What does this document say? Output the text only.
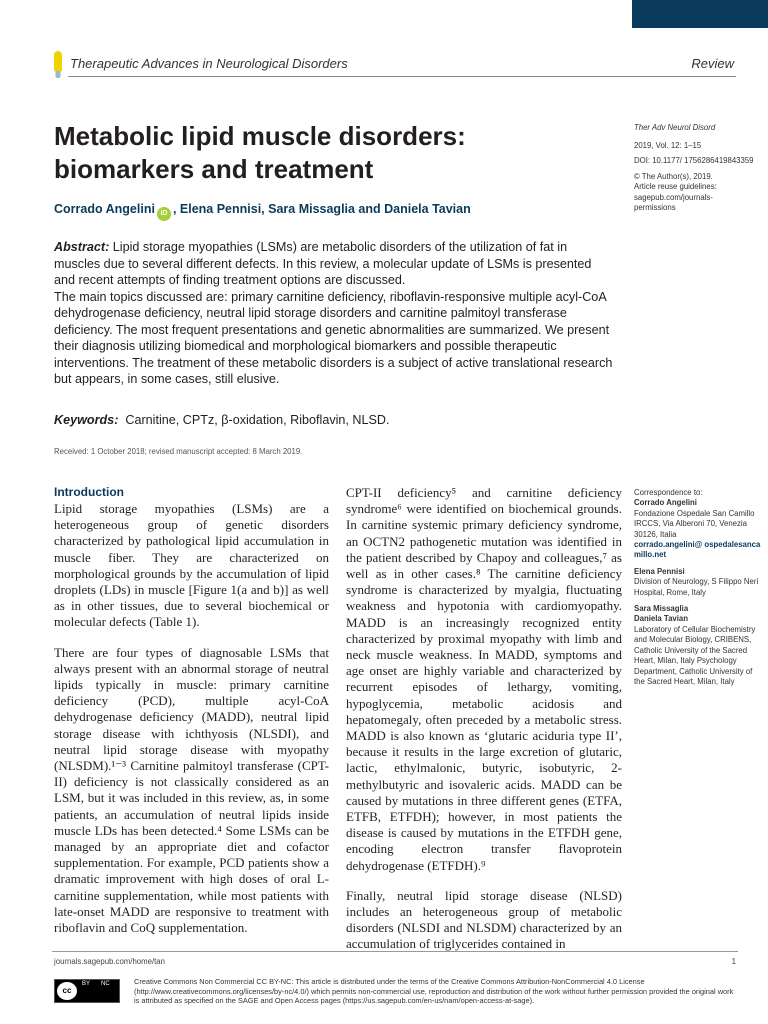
Therapeutic Advances in Neurological Disorders	Review
Metabolic lipid muscle disorders:
biomarkers and treatment
Corrado Angelini iD , Elena Pennisi, Sara Missaglia and Daniela Tavian

Ther Adv Neurol Disord

2019, Vol. 12: 1–15

DOI: 10.1177/ 1756286419843359

© The Author(s), 2019.
Article reuse guidelines: sagepub.com/journals-permissions

Abstract: Lipid storage myopathies (LSMs) are metabolic disorders of the utilization of fat in muscles due to several different defects. In this review, a molecular update of LSMs is presented and recent attempts of finding treatment options are discussed.

The main topics discussed are: primary carnitine deficiency, riboflavin-responsive multiple acyl-CoA dehydrogenase deficiency, neutral lipid storage disorders and carnitine palmitoyl transferase deficiency. The most frequent presentations and genetic abnormalities are summarized. We present their diagnosis utilizing biomedical and morphological biomarkers and possible therapeutic interventions. The treatment of these metabolic disorders is a subject of active translational research but appears, in some cases, still elusive.

Keywords: Carnitine, CPTz, β-oxidation, Riboflavin, NLSD.
Received: 1 October 2018; revised manuscript accepted: 8 March 2019.
Introduction

Lipid storage myopathies (LSMs) are a heterogeneous group of genetic disorders characterized by pathological lipid accumulation in muscle fiber. They are characterized on morphological grounds by the accumulation of lipid droplets (LDs) in muscle [Figure 1(a and b)] as well as in other tissues, due to several biochemical or molecular defects (Table 1).

There are four types of diagnosable LSMs that always present with an abnormal storage of neutral lipids typically in muscle: primary carnitine deficiency (PCD), multiple acyl-CoA dehydrogenase deficiency (MADD), neutral lipid storage disease with ichthyosis (NLSDI), and neutral lipid storage disease with myopathy (NLSDM).¹⁻³ Carnitine palmitoyl transferase (CPT-II) deficiency is not classically considered as an LSM, but it was included in this review, as, in some patients, an accumulation of neutral lipids inside muscle LDs has been detected.⁴ Some LSMs can be managed by an appropriate diet and cofactor supplementation. For example, PCD patients show a dramatic improvement with high doses of oral L-carnitine supplementation, while most patients with late-onset MADD are responsive to treatment with riboflavin and CoQ supplementation.

CPT-II deficiency⁵ and carnitine deficiency syndrome⁶ were identified on biochemical grounds. In carnitine systemic primary deficiency syndrome, an OCTN2 pathogenetic mutation was identified in the patient described by Chapoy and colleagues,⁷ as well as in other cases.⁸ The carnitine deficiency syndrome is characterized by myalgia, fluctuating weakness and hypotonia with cardiomyopathy. MADD is an increasingly recognized entity characterized by proximal myopathy with limb and neck muscle weakness. In MADD, symptoms and age onset are highly variable and characterized by recurrent episodes of lethargy, vomiting, hypoglycemia, metabolic acidosis and hepatomegaly, often preceded by a metabolic stress. MADD is also known as ‘glutaric aciduria type II’, because it results in the large excretion of glutaric, lactic, ethylmalonic, butyric, isobutyric, 2-methylbutyric and isovaleric acids. MADD can be caused by mutations in three different genes (ETFA, ETFB, ETFDH); however, in most patients the disease is caused by mutations in the ETFDH gene, encoding electron transfer flavoprotein dehydrogenase (ETFDH).⁹

Finally, neutral lipid storage disease (NLSD) includes an heterogeneous group of metabolic disorders (NLSDI and NLSDM) characterized by an accumulation of triglycerides contained in

Correspondence to:
Corrado Angelini
Fondazione Ospedale San Camillo IRCCS, Via Alberoni 70, Venezia 30126, Italia
corrado.angelini@ ospedalesancamillo.net

Elena Pennisi
Division of Neurology, S Filippo Neri Hospital, Rome, Italy

Sara Missaglia
Daniela Tavian
Laboratory of Cellular Biochemistry and Molecular Biology, CRIBENS, Catholic University of the Sacred Heart, Milan, Italy Psychology Department, Catholic University of the Sacred Heart, Milan, Italy

journals.sagepub.com/home/tan	1
cc
BY NC	Creative Commons Non Commercial CC BY-NC: This article is distributed under the terms of the Creative Commons Attribution-NonCommercial 4.0 License (http://www.creativecommons.org/licenses/by-nc/4.0/) which permits non-commercial use, reproduction and distribution of the work without further permission provided the original work is attributed as specified on the SAGE and Open Access pages (https://us.sagepub.com/en-us/nam/open-access-at-sage).
